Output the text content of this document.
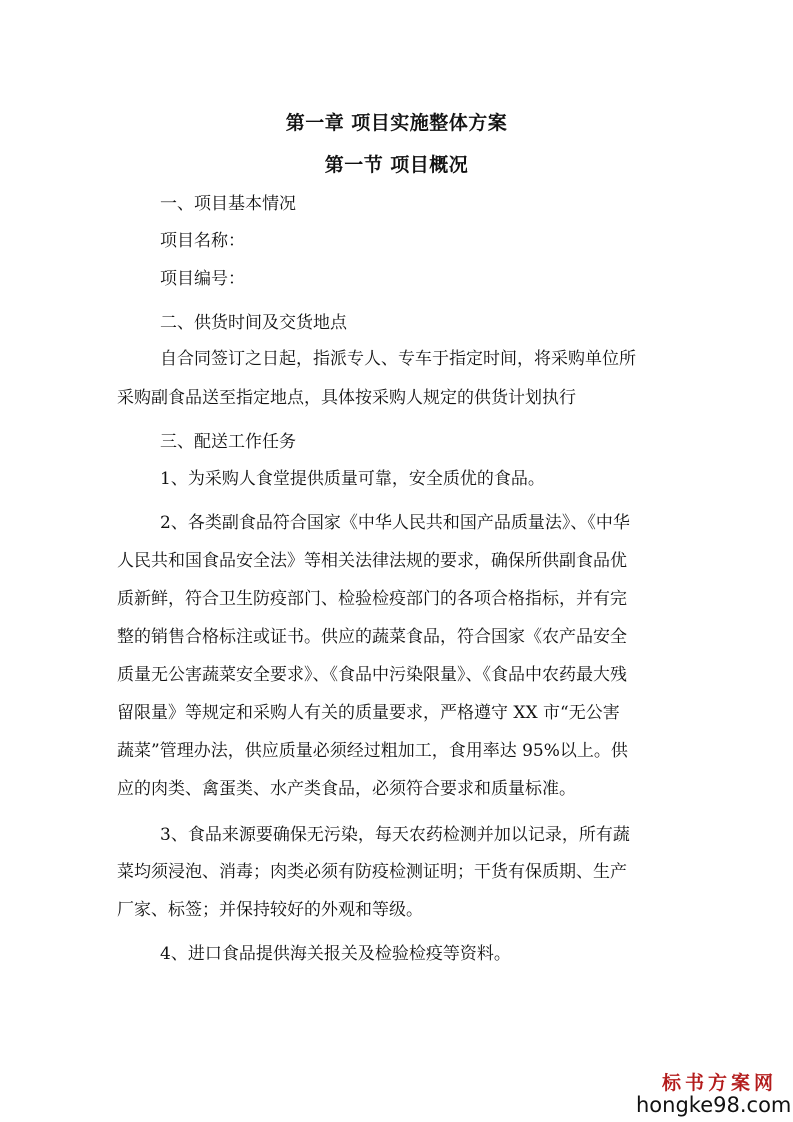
第一章 项目实施整体方案
第一节 项目概况
一、项目基本情况
项目名称：
项目编号：
二、供货时间及交货地点
自合同签订之日起，指派专人、专车于指定时间，将采购单位所
采购副食品送至指定地点，具体按采购人规定的供货计划执行
三、配送工作任务
1、为采购人食堂提供质量可靠，安全质优的食品。
2、各类副食品符合国家《中华人民共和国产品质量法》、《中华
人民共和国食品安全法》等相关法律法规的要求，确保所供副食品优
质新鲜，符合卫生防疫部门、检验检疫部门的各项合格指标，并有完
整的销售合格标注或证书。供应的蔬菜食品，符合国家《农产品安全
质量无公害蔬菜安全要求》、《食品中污染限量》、《食品中农药最大残
留限量》等规定和采购人有关的质量要求，严格遵守 XX 市“无公害
蔬菜”管理办法，供应质量必须经过粗加工，食用率达 95%以上。供
应的肉类、禽蛋类、水产类食品，必须符合要求和质量标准。
3、食品来源要确保无污染，每天农药检测并加以记录，所有蔬
菜均须浸泡、消毒；肉类必须有防疫检测证明；干货有保质期、生产
厂家、标签；并保持较好的外观和等级。
4、进口食品提供海关报关及检验检疫等资料。
标书方案网
hongke98.com
